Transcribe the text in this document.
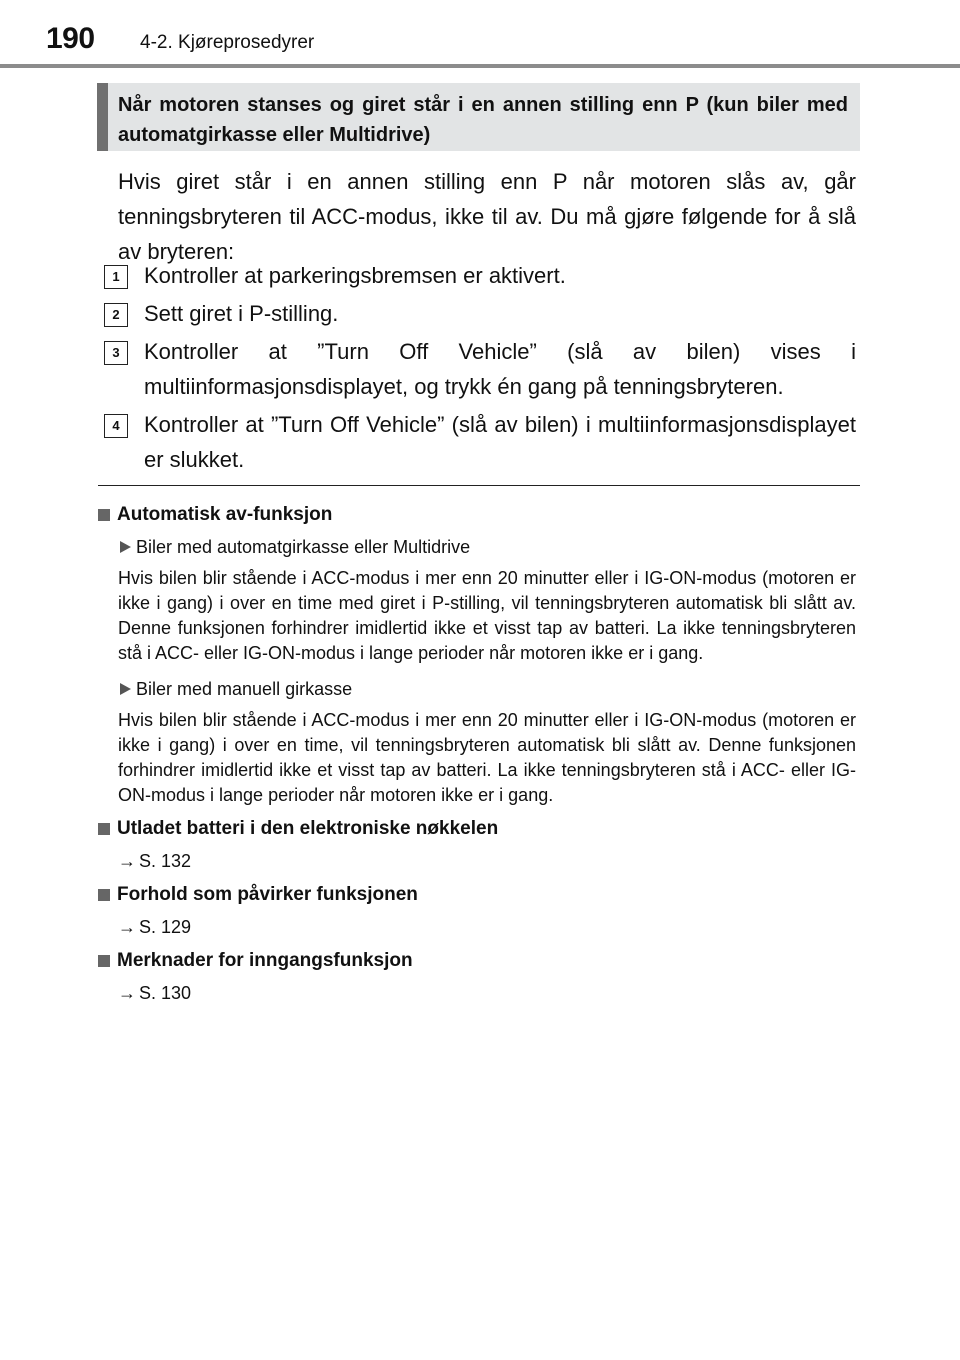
190 4-2. Kjøreprosedyrer
Når motoren stanses og giret står i en annen stilling enn P (kun biler med automatgirkasse eller Multidrive)
Hvis giret står i en annen stilling enn P når motoren slås av, går tenningsbryteren til ACC-modus, ikke til av. Du må gjøre følgende for å slå av bryteren:
1	Kontroller at parkeringsbremsen er aktivert.
2	Sett giret i P-stilling.
3	Kontroller at ”Turn Off Vehicle” (slå av bilen) vises i multiinformasjonsdisplayet, og trykk én gang på tenningsbryteren.
4	Kontroller at ”Turn Off Vehicle” (slå av bilen) i multiinformasjonsdisplayet er slukket.
Automatisk av-funksjon
Biler med automatgirkasse eller Multidrive
Hvis bilen blir stående i ACC-modus i mer enn 20 minutter eller i IG-ON-modus (motoren er ikke i gang) i over en time med giret i P-stilling, vil tenningsbryteren automatisk bli slått av. Denne funksjonen forhindrer imidlertid ikke et visst tap av batteri. La ikke tenningsbryteren stå i ACC- eller IG-ON-modus i lange perioder når motoren ikke er i gang.
Biler med manuell girkasse
Hvis bilen blir stående i ACC-modus i mer enn 20 minutter eller i IG-ON-modus (motoren er ikke i gang) i over en time, vil tenningsbryteren automatisk bli slått av. Denne funksjonen forhindrer imidlertid ikke et visst tap av batteri. La ikke tenningsbryteren stå i ACC- eller IG-ON-modus i lange perioder når motoren ikke er i gang.
Utladet batteri i den elektroniske nøkkelen
→ S. 132
Forhold som påvirker funksjonen
→ S. 129
Merknader for inngangsfunksjon
→ S. 130
